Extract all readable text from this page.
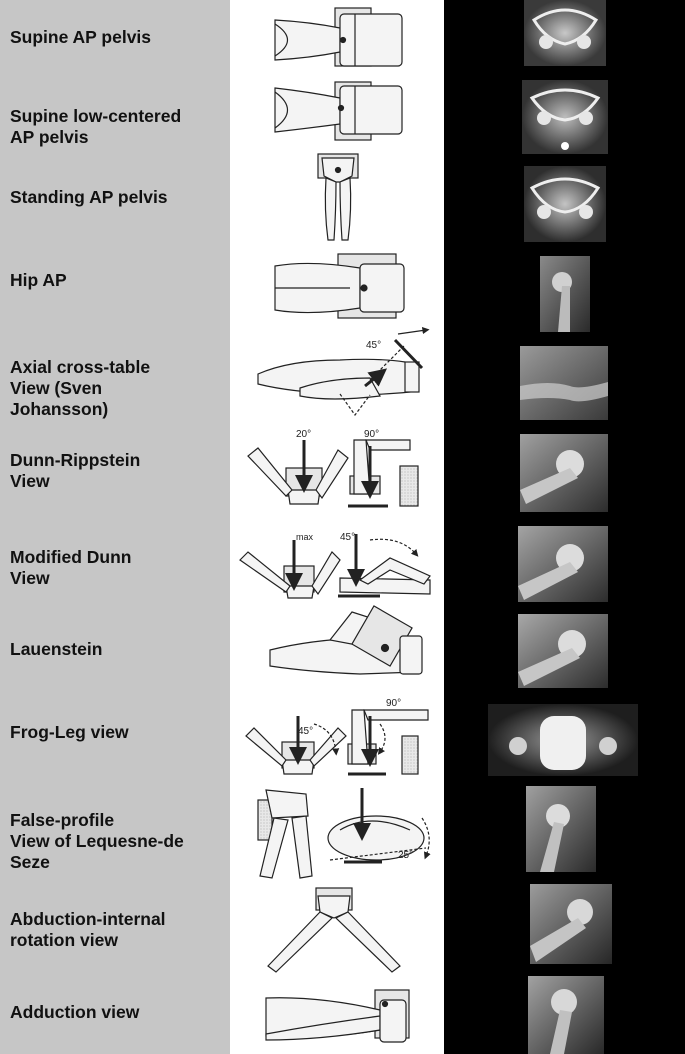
Supine AP pelvis
Supine low-centered
AP pelvis
Standing AP pelvis
Hip AP
Axial cross-table
View (Sven
Johansson)
Dunn-Rippstein
View
Modified Dunn
View
Lauenstein
Frog-Leg view
False-profile
View of Lequesne-de
Seze
Abduction-internal
rotation view
Adduction view
45°
20°	90°
max	45°
45°
90°
25°
